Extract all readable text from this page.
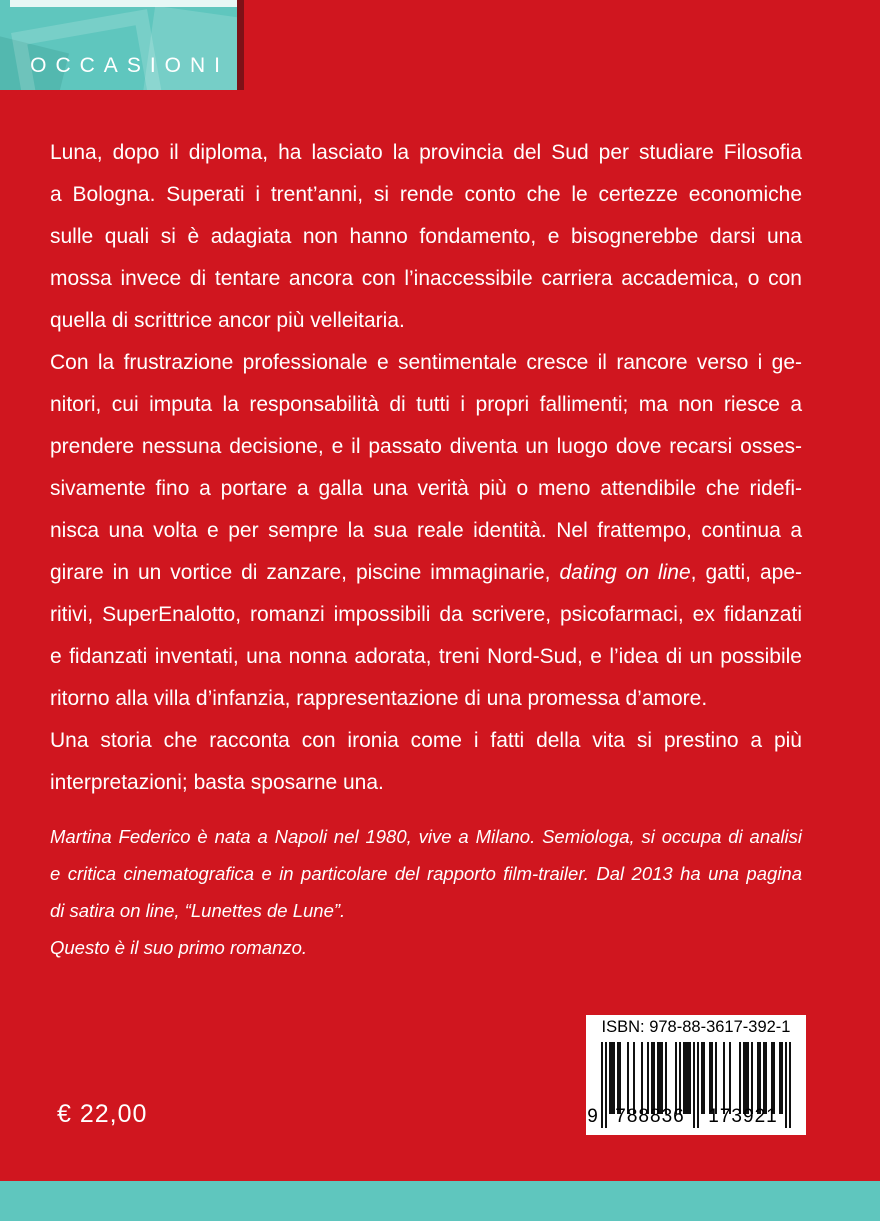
OCCASIONI
Luna, dopo il diploma, ha lasciato la provincia del Sud per studiare Filosofia
a Bologna. Superati i trent’anni, si rende conto che le certezze economiche
sulle quali si è adagiata non hanno fondamento, e bisognerebbe darsi una
mossa invece di tentare ancora con l’inaccessibile carriera accademica, o con
quella di scrittrice ancor più velleitaria.
Con la frustrazione professionale e sentimentale cresce il rancore verso i ge-
nitori, cui imputa la responsabilità di tutti i propri fallimenti; ma non riesce a
prendere nessuna decisione, e il passato diventa un luogo dove recarsi osses-
sivamente fino a portare a galla una verità più o meno attendibile che ridefi-
nisca una volta e per sempre la sua reale identità. Nel frattempo, continua a
girare in un vortice di zanzare, piscine immaginarie, dating on line, gatti, ape-
ritivi, SuperEnalotto, romanzi impossibili da scrivere, psicofarmaci, ex fidanzati
e fidanzati inventati, una nonna adorata, treni Nord-Sud, e l’idea di un possibile
ritorno alla villa d’infanzia, rappresentazione di una promessa d’amore.
Una storia che racconta con ironia come i fatti della vita si prestino a più
interpretazioni; basta sposarne una.
Martina Federico è nata a Napoli nel 1980, vive a Milano. Semiologa, si occupa di analisi
e critica cinematografica e in particolare del rapporto film-trailer. Dal 2013 ha una pagina
di satira on line, “Lunettes de Lune”.
Questo è il suo primo romanzo.
€ 22,00
ISBN: 978-88-3617-392-1
9 788836	173921
